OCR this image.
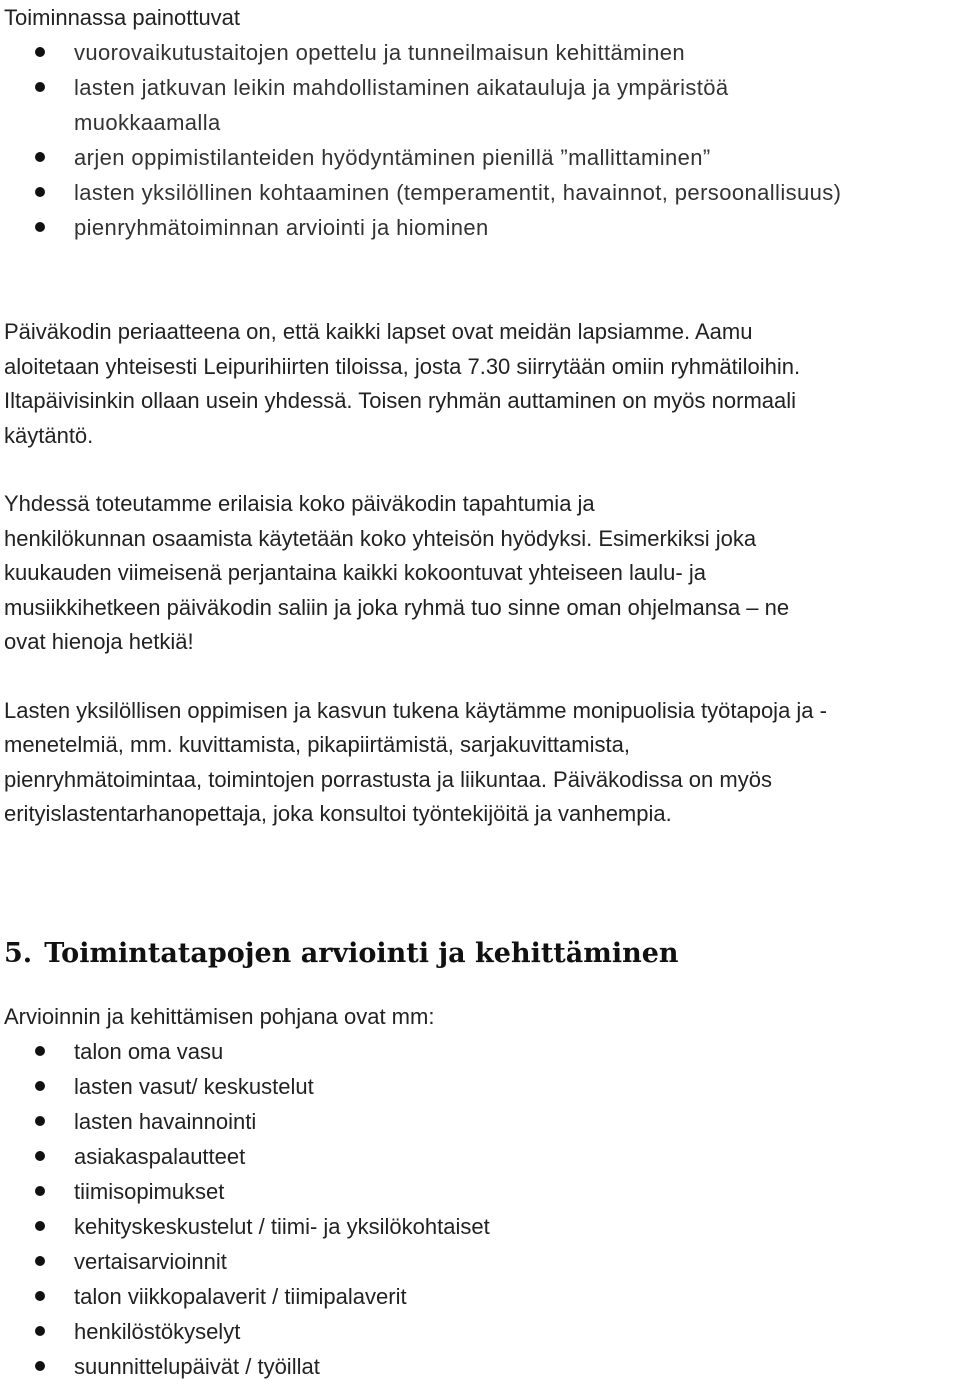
Toiminnassa painottuvat

vuorovaikutustaitojen opettelu ja tunneilmaisun kehittäminen
lasten jatkuvan leikin mahdollistaminen aikatauluja ja ympäristöä
muokkaamalla
arjen oppimistilanteiden hyödyntäminen pienillä ”mallittaminen”
lasten yksilöllinen kohtaaminen (temperamentit, havainnot, persoonallisuus)
pienryhmätoiminnan arviointi ja hiominen

Päiväkodin periaatteena on, että kaikki lapset ovat meidän lapsiamme. Aamu
aloitetaan yhteisesti Leipurihiirten tiloissa, josta 7.30 siirrytään omiin ryhmätiloihin.
Iltapäivisinkin ollaan usein yhdessä. Toisen ryhmän auttaminen on myös normaali
käytäntö.

Yhdessä toteutamme erilaisia koko päiväkodin tapahtumia ja
henkilökunnan osaamista käytetään koko yhteisön hyödyksi. Esimerkiksi joka
kuukauden viimeisenä perjantaina kaikki kokoontuvat yhteiseen laulu- ja
musiikkihetkeen päiväkodin saliin ja joka ryhmä tuo sinne oman ohjelmansa – ne
ovat hienoja hetkiä!

Lasten yksilöllisen oppimisen ja kasvun tukena käytämme monipuolisia työtapoja ja -
menetelmiä, mm. kuvittamista, pikapiirtämistä, sarjakuvittamista,
pienryhmätoimintaa, toimintojen porrastusta ja liikuntaa. Päiväkodissa on myös
erityislastentarhanopettaja, joka konsultoi työntekijöitä ja vanhempia.

5. Toimintatapojen arviointi ja kehittäminen

Arvioinnin ja kehittämisen pohjana ovat mm:

talon oma vasu
lasten vasut/ keskustelut
lasten havainnointi
asiakaspalautteet
tiimisopimukset
kehityskeskustelut / tiimi- ja yksilökohtaiset
vertaisarvioinnit
talon viikkopalaverit / tiimipalaverit
henkilöstökyselyt
suunnittelupäivät / työillat
